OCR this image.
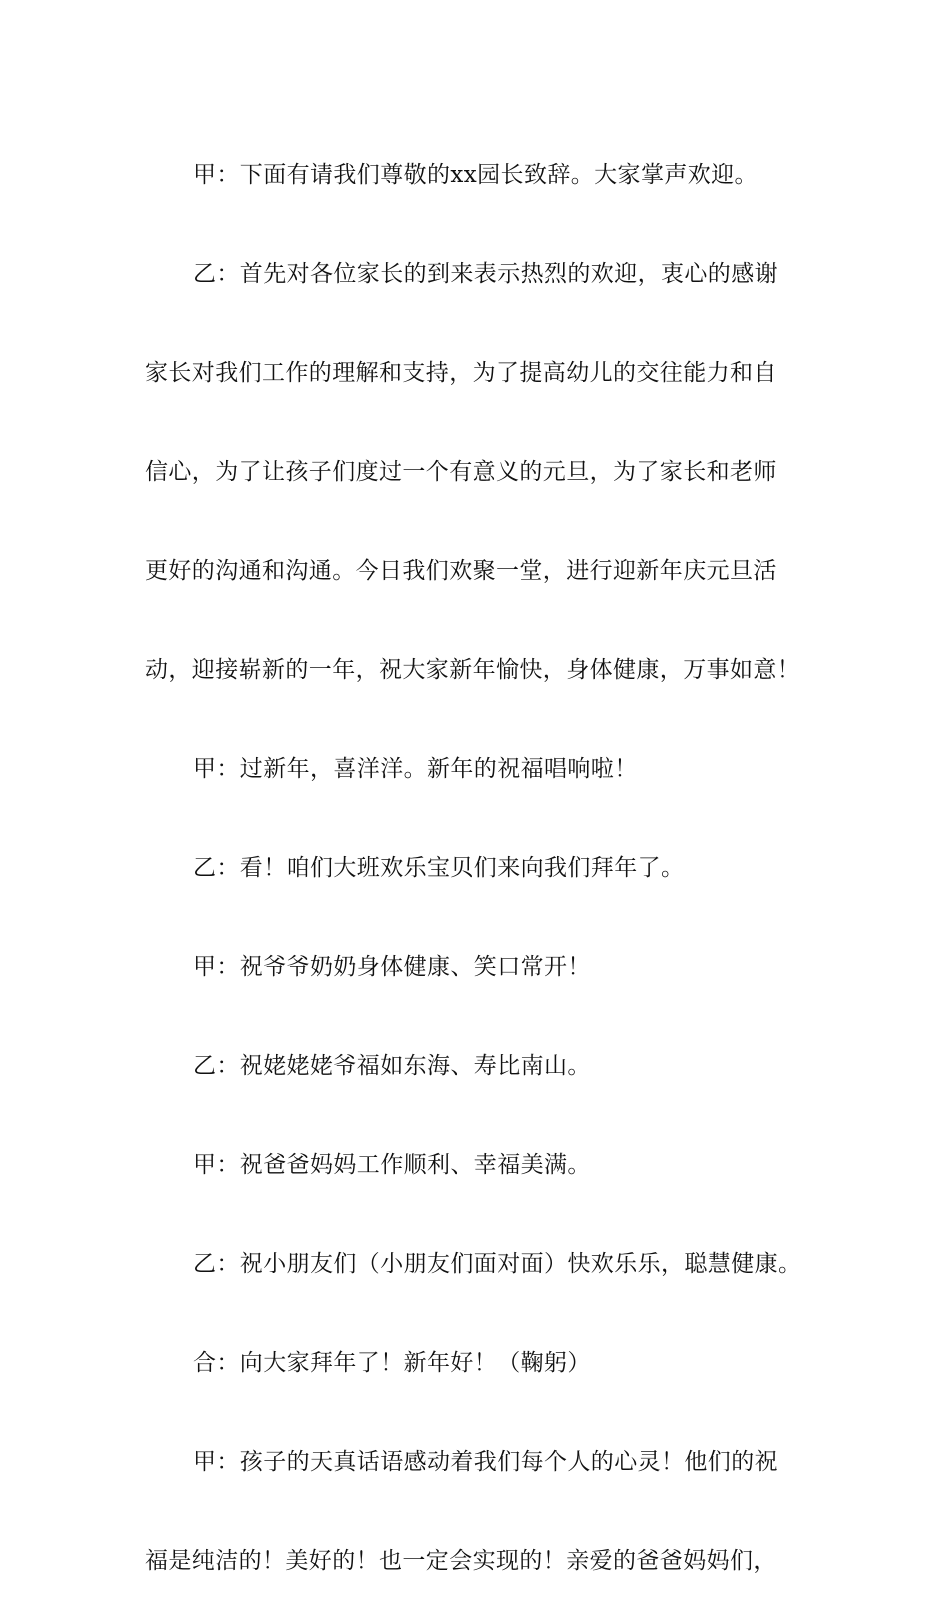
甲：下面有请我们尊敬的xx园长致辞。大家掌声欢迎。

乙：首先对各位家长的到来表示热烈的欢迎，衷心的感谢

家长对我们工作的理解和支持，为了提高幼儿的交往能力和自

信心，为了让孩子们度过一个有意义的元旦，为了家长和老师

更好的沟通和沟通。今日我们欢聚一堂，进行迎新年庆元旦活

动，迎接崭新的一年，祝大家新年愉快，身体健康，万事如意！

甲：过新年，喜洋洋。新年的祝福唱响啦！

乙：看！咱们大班欢乐宝贝们来向我们拜年了。

甲：祝爷爷奶奶身体健康、笑口常开！

乙：祝姥姥姥爷福如东海、寿比南山。

甲：祝爸爸妈妈工作顺利、幸福美满。

乙：祝小朋友们（小朋友们面对面）快欢乐乐，聪慧健康。

合：向大家拜年了！新年好！（鞠躬）

甲：孩子的天真话语感动着我们每个人的心灵！他们的祝

福是纯洁的！美好的！也一定会实现的！亲爱的爸爸妈妈们，
